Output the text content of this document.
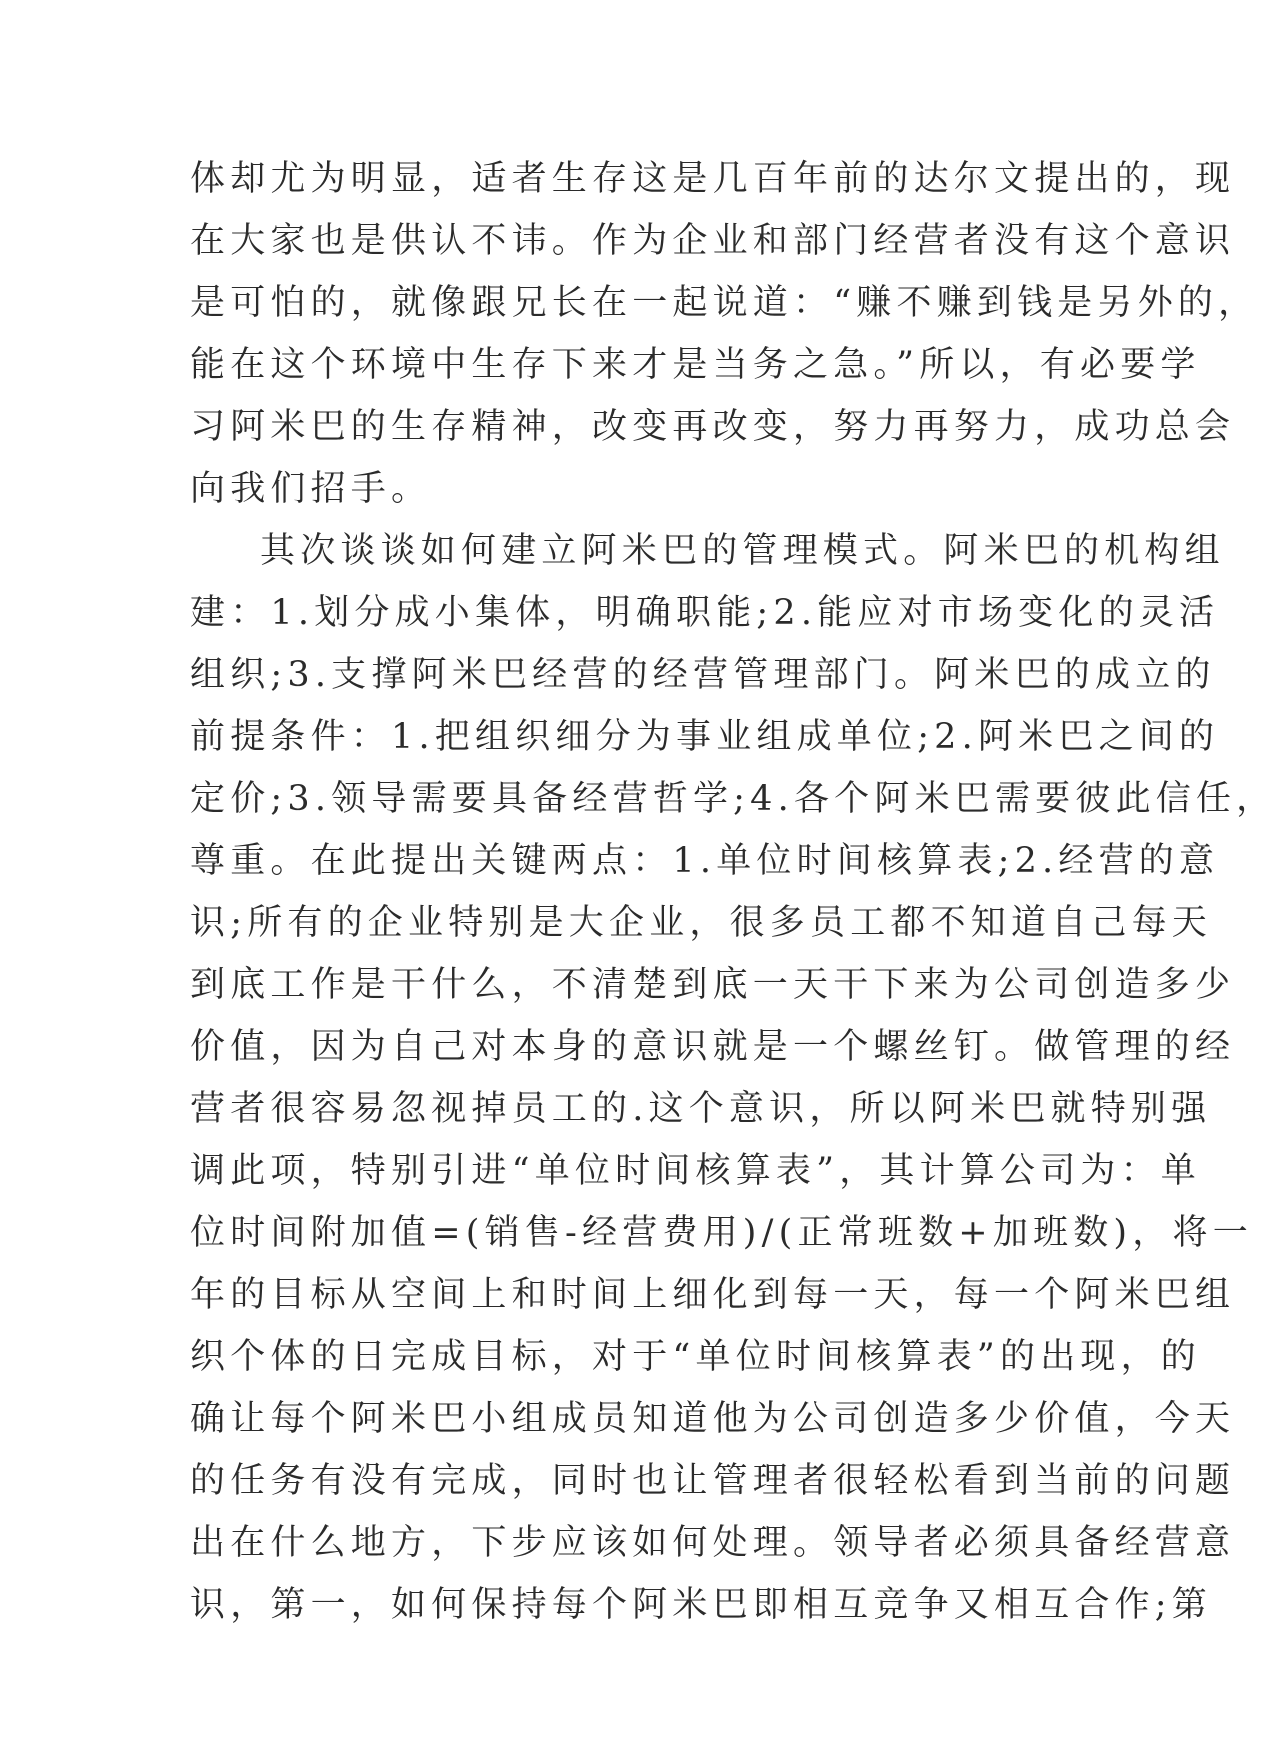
体却尤为明显，适者生存这是几百年前的达尔文提出的，现
在大家也是供认不讳。作为企业和部门经营者没有这个意识
是可怕的，就像跟兄长在一起说道：“赚不赚到钱是另外的，
能在这个环境中生存下来才是当务之急。”所以，有必要学
习阿米巴的生存精神，改变再改变，努力再努力，成功总会
向我们招手。
其次谈谈如何建立阿米巴的管理模式。阿米巴的机构组
建：1.划分成小集体，明确职能;2.能应对市场变化的灵活
组织;3.支撑阿米巴经营的经营管理部门。阿米巴的成立的
前提条件：1.把组织细分为事业组成单位;2.阿米巴之间的
定价;3.领导需要具备经营哲学;4.各个阿米巴需要彼此信任，
尊重。在此提出关键两点：1.单位时间核算表;2.经营的意
识;所有的企业特别是大企业，很多员工都不知道自己每天
到底工作是干什么，不清楚到底一天干下来为公司创造多少
价值，因为自己对本身的意识就是一个螺丝钉。做管理的经
营者很容易忽视掉员工的.这个意识，所以阿米巴就特别强
调此项，特别引进“单位时间核算表”，其计算公司为：单
位时间附加值=(销售-经营费用)/(正常班数+加班数)，将一
年的目标从空间上和时间上细化到每一天，每一个阿米巴组
织个体的日完成目标，对于“单位时间核算表”的出现，的
确让每个阿米巴小组成员知道他为公司创造多少价值，今天
的任务有没有完成，同时也让管理者很轻松看到当前的问题
出在什么地方，下步应该如何处理。领导者必须具备经营意
识，第一，如何保持每个阿米巴即相互竞争又相互合作;第
